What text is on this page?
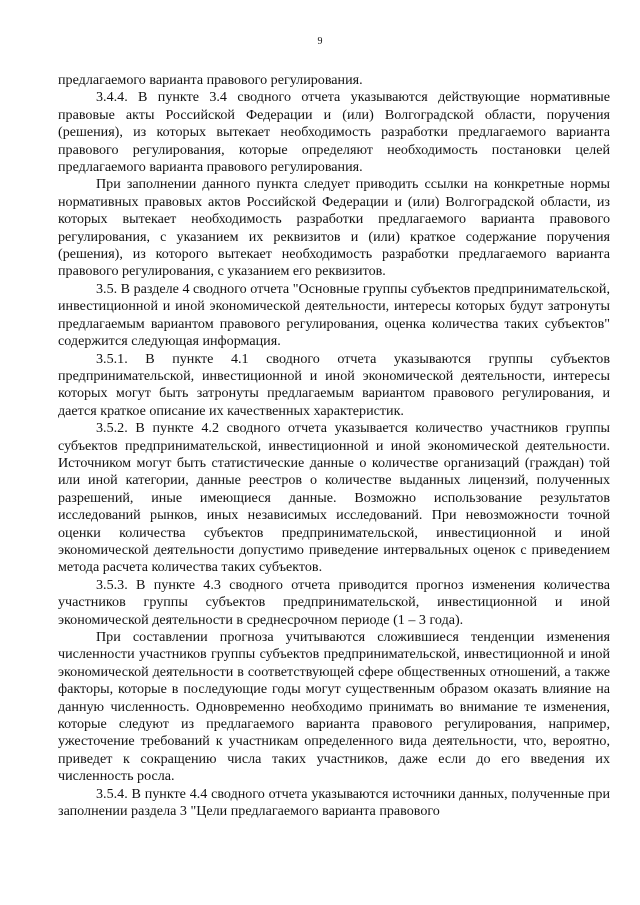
9

предлагаемого варианта правового регулирования.

3.4.4. В пункте 3.4 сводного отчета указываются действующие нормативные правовые акты Российской Федерации и (или) Волгоградской области, поручения (решения), из которых вытекает необходимость разработки предлагаемого варианта правового регулирования, которые определяют необходимость постановки целей предлагаемого варианта правового регулирования.

При заполнении данного пункта следует приводить ссылки на конкретные нормы нормативных правовых актов Российской Федерации и (или) Волгоградской области, из которых вытекает необходимость разработки предлагаемого варианта правового регулирования, с указанием их реквизитов и (или) краткое содержание поручения (решения), из которого вытекает необходимость разработки предлагаемого варианта правового регулирования, с указанием его реквизитов.

3.5. В разделе 4 сводного отчета "Основные группы субъектов предпринимательской, инвестиционной и иной экономической деятельности, интересы которых будут затронуты предлагаемым вариантом правового регулирования, оценка количества таких субъектов" содержится следующая информация.

3.5.1. В пункте 4.1 сводного отчета указываются группы субъектов предпринимательской, инвестиционной и иной экономической деятельности, интересы которых могут быть затронуты предлагаемым вариантом правового регулирования, и дается краткое описание их качественных характеристик.

3.5.2. В пункте 4.2 сводного отчета указывается количество участников группы субъектов предпринимательской, инвестиционной и иной экономической деятельности. Источником могут быть статистические данные о количестве организаций (граждан) той или иной категории, данные реестров о количестве выданных лицензий, полученных разрешений, иные имеющиеся данные. Возможно использование результатов исследований рынков, иных независимых исследований. При невозможности точной оценки количества субъектов предпринимательской, инвестиционной и иной экономической деятельности допустимо приведение интервальных оценок с приведением метода расчета количества таких субъектов.

3.5.3. В пункте 4.3 сводного отчета приводится прогноз изменения количества участников группы субъектов предпринимательской, инвестиционной и иной экономической деятельности в среднесрочном периоде (1 – 3 года).

При составлении прогноза учитываются сложившиеся тенденции изменения численности участников группы субъектов предпринимательской, инвестиционной и иной экономической деятельности в соответствующей сфере общественных отношений, а также факторы, которые в последующие годы могут существенным образом оказать влияние на данную численность. Одновременно необходимо принимать во внимание те изменения, которые следуют из предлагаемого варианта правового регулирования, например, ужесточение требований к участникам определенного вида деятельности, что, вероятно, приведет к сокращению числа таких участников, даже если до его введения их численность росла.

3.5.4. В пункте 4.4 сводного отчета указываются источники данных, полученные при заполнении раздела 3 "Цели предлагаемого варианта правового
